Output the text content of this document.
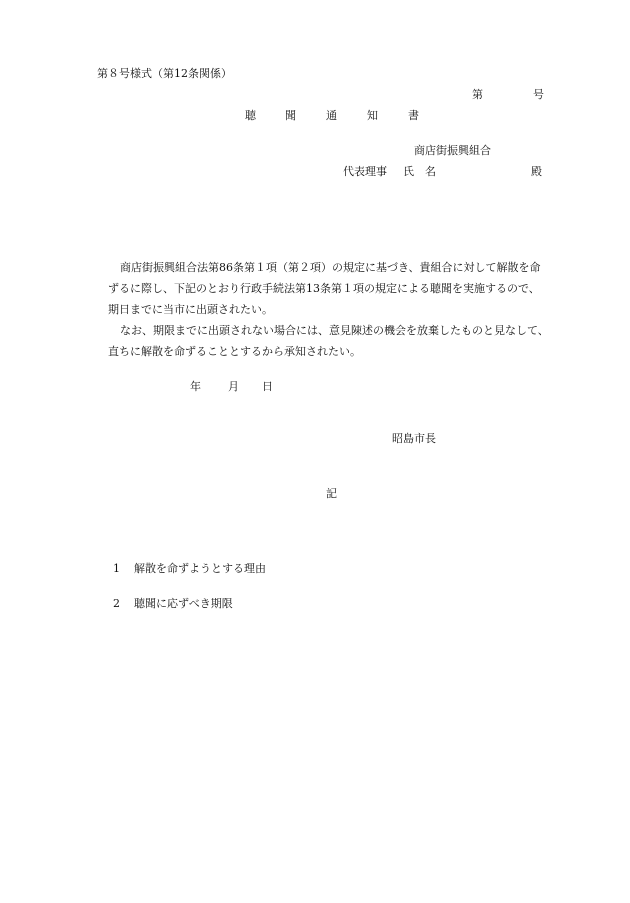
第８号様式（第12条関係）
第	号
聴	聞	通	知	書
商店街振興組合
代表理事 氏 名	殿
商店街振興組合法第86条第１項（第２項）の規定に基づき、貴組合に対して解散を命
ずるに際し、下記のとおり行政手続法第13条第１項の規定による聴聞を実施するので、
期日までに当市に出頭されたい。
なお、期限までに出頭されない場合には、意見陳述の機会を放棄したものと見なして、
直ちに解散を命ずることとするから承知されたい。
年 月 日
昭島市長
記
1 解散を命ずようとする理由
2 聴聞に応ずべき期限
